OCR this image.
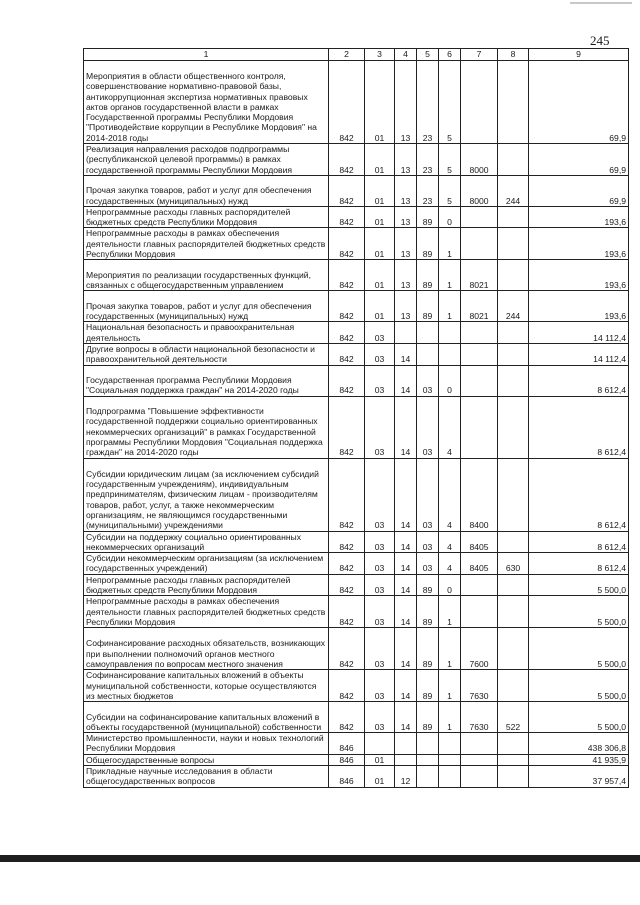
245
1	2	3	4	5	6	7	8	9
Мероприятия в области общественного контроля, совершенствование нормативно-правовой базы, антикоррупционная экспертиза нормативных правовых актов органов государственной власти в рамках Государственной программы Республики Мордовия "Противодействие коррупции в Республике Мордовия" на 2014-2018 годы	842	01	13	23	5			69,9
Реализация направления расходов подпрограммы (республиканской целевой программы) в рамках государственной программы Республики Мордовия	842	01	13	23	5	8000		69,9
Прочая закупка товаров, работ и услуг для обеспечения государственных (муниципальных) нужд	842	01	13	23	5	8000	244	69,9
Непрограммные расходы главных распорядителей бюджетных средств Республики Мордовия	842	01	13	89	0			193,6
Непрограммные расходы в рамках обеспечения деятельности главных распорядителей бюджетных средств Республики Мордовия	842	01	13	89	1			193,6
Мероприятия по реализации государственных функций, связанных с общегосударственным управлением	842	01	13	89	1	8021		193,6
Прочая закупка товаров, работ и услуг для обеспечения государственных (муниципальных) нужд	842	01	13	89	1	8021	244	193,6
Национальная безопасность и правоохранительная деятельность	842	03						14 112,4
Другие вопросы в области национальной безопасности и правоохранительной деятельности	842	03	14					14 112,4
Государственная программа Республики Мордовия "Социальная поддержка граждан" на 2014-2020 годы	842	03	14	03	0			8 612,4
Подпрограмма "Повышение эффективности государственной поддержки социально ориентированных некоммерческих организаций" в рамках Государственной программы Республики Мордовия "Социальная поддержка граждан" на 2014-2020 годы	842	03	14	03	4			8 612,4
Субсидии юридическим лицам (за исключением субсидий государственным учреждениям), индивидуальным предпринимателям, физическим лицам - производителям товаров, работ, услуг, а также некоммерческим организациям, не являющимся государственными (муниципальными) учреждениями	842	03	14	03	4	8400		8 612,4
Субсидии на поддержку социально ориентированных некоммерческих организаций	842	03	14	03	4	8405		8 612,4
Субсидии некоммерческим организациям (за исключением государственных учреждений)	842	03	14	03	4	8405	630	8 612,4
Непрограммные расходы главных распорядителей бюджетных средств Республики Мордовия	842	03	14	89	0			5 500,0
Непрограммные расходы в рамках обеспечения деятельности главных распорядителей бюджетных средств Республики Мордовия	842	03	14	89	1			5 500,0
Софинансирование расходных обязательств, возникающих при выполнении полномочий органов местного самоуправления по вопросам местного значения	842	03	14	89	1	7600		5 500,0
Софинансирование капитальных вложений в объекты муниципальной собственности, которые осуществляются из местных бюджетов	842	03	14	89	1	7630		5 500,0
Субсидии на софинансирование капитальных вложений в объекты государственной (муниципальной) собственности	842	03	14	89	1	7630	522	5 500,0
Министерство промышленности, науки и новых технологий Республики Мордовия	846							438 306,8
Общегосударственные вопросы	846	01						41 935,9
Прикладные научные исследования в области общегосударственных вопросов	846	01	12					37 957,4
